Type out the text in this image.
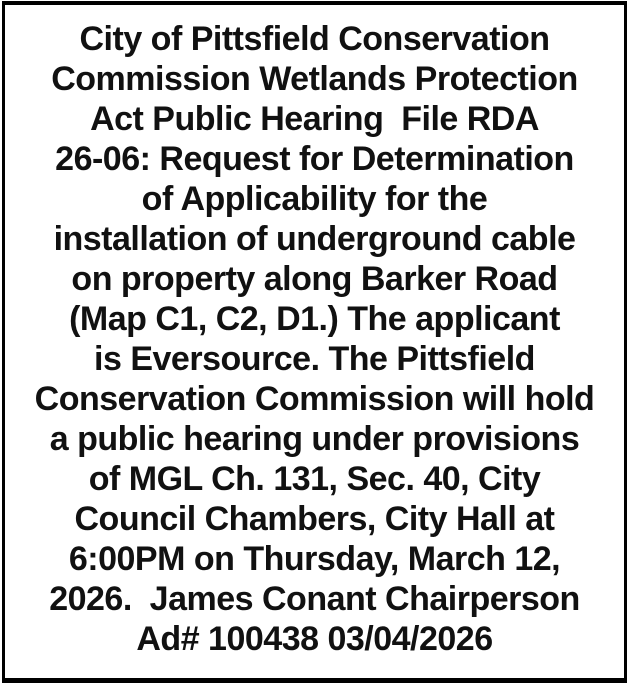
City of Pittsfield Conservation
Commission Wetlands Protection
Act Public Hearing  File RDA
26-06: Request for Determination
of Applicability for the
installation of underground cable
on property along Barker Road
(Map C1, C2, D1.) The applicant
is Eversource. The Pittsfield
Conservation Commission will hold
a public hearing under provisions
of MGL Ch. 131, Sec. 40, City
Council Chambers, City Hall at
6:00PM on Thursday, March 12,
2026.  James Conant Chairperson
Ad# 100438 03/04/2026
